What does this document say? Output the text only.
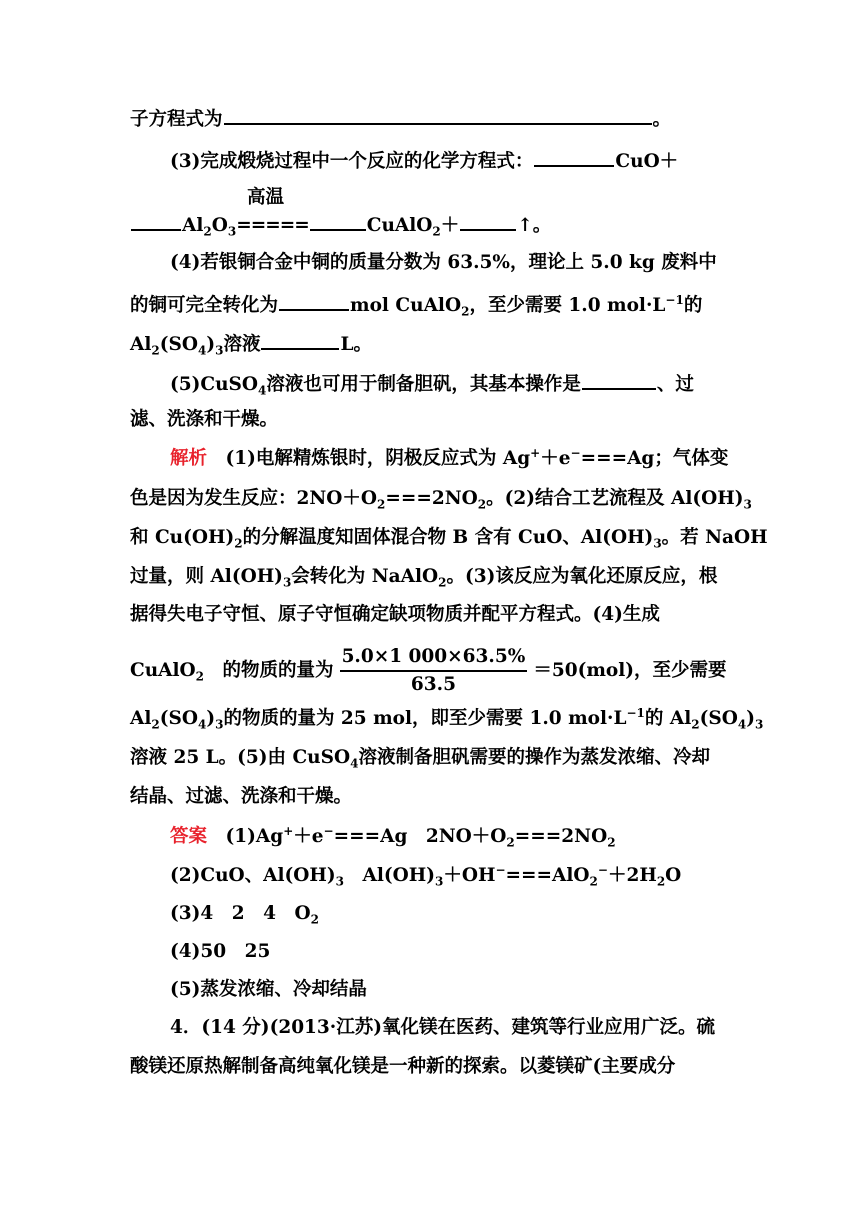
子方程式为	。
(3)完成煅烧过程中一个反应的化学方程式：	CuO＋
高温
$Al_2O_3=====$	CuAlO$_2$＋	↑。
(4)若银铜合金中铜的质量分数为 63.5%，理论上 5.0 kg 废料中
的铜可完全转化为	mol CuAlO$_2$，至少需要 1.0 $mol\cdot L^{-1}$的
$Al_2(SO_4)_3$溶液	L。
(5)CuSO$_4$溶液也可用于制备胆矾，其基本操作是	、过
滤、洗涤和干燥。
解析　 (1)电解精炼银时，阴极反应式为 Ag+＋e−===Ag；气体变
色是因为发生反应：$2NO+O_2===2NO_2$。(2)结合工艺流程及 $Al(OH)_3$
和 $Cu(OH)_2$的分解温度知固体混合物 B 含有 CuO、$Al(OH)_3$。若 NaOH
过量，则 $Al(OH)_3$会转化为 NaAlO$_2$。(3)该反应为氧化还原反应，根
据得失电子守恒、原子守恒确定缺项物质并配平方程式。(4)生成
CuAlO$_2$　 的物质的量为 $\frac{5.0\times 1 000\times 63.5\%}{63.5} =50(mol)$，至少需要
$Al_2(SO_4)_3$的物质的量为 25 mol，即至少需要 1.0 $mol\cdot L^{-1}$的 $Al_2(SO_4)_3$
溶液 25 L。(5)由 CuSO$_4$溶液制备胆矾需要的操作为蒸发浓缩、冷却
结晶、过滤、洗涤和干燥。
答案　 (1)Ag+＋e−===Ag　$2NO+O_2===2NO_2$
(2)CuO、$Al(OH)_3$　$Al(OH)_3+OH^-===AlO_2^-+2H_2O$
(3)4　2　4　$O_2$
(4)50　25
(5)蒸发浓缩、冷却结晶
4．(14 分)(2013·江苏)氧化镁在医药、建筑等行业应用广泛。硫
酸镁还原热解制备高纯氧化镁是一种新的探索。以菱镁矿(主要成分
